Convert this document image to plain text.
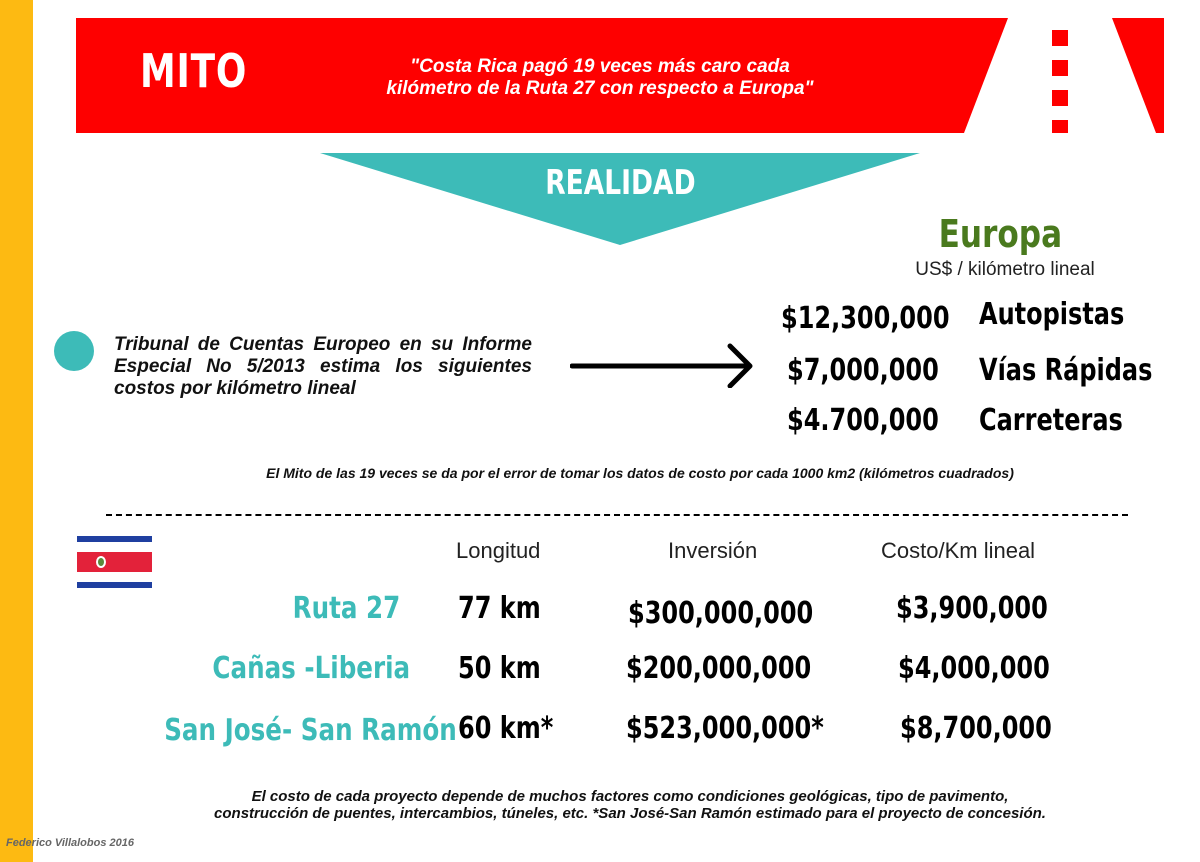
MITO	"Costa Rica pagó 19 veces más caro cada
kilómetro de la Ruta 27 con respecto a Europa"
REALIDAD
Europa
US$ / kilómetro lineal
Tribunal de Cuentas Europeo en su Informe Especial No 5/2013 estima los siguientes costos por kilómetro lineal
$12,300,000 Autopistas
$7,000,000	Vías Rápidas
$4.700,000	Carreteras
El Mito de las 19 veces se da por el error de tomar los datos de costo por cada 1000 km2 (kilómetros cuadrados)
Longitud	Inversión	Costo/Km lineal
Ruta 27 77 km	$300,000,000	$3,900,000
Cañas -Liberia 50 km	$200,000,000	$4,000,000
San José- San Ramón 60 km*	$523,000,000*	$8,700,000
El costo de cada proyecto depende de muchos factores como condiciones geológicas, tipo de pavimento,
construcción de puentes, intercambios, túneles, etc. *San José-San Ramón estimado para el proyecto de concesión.
Federico Villalobos 2016
